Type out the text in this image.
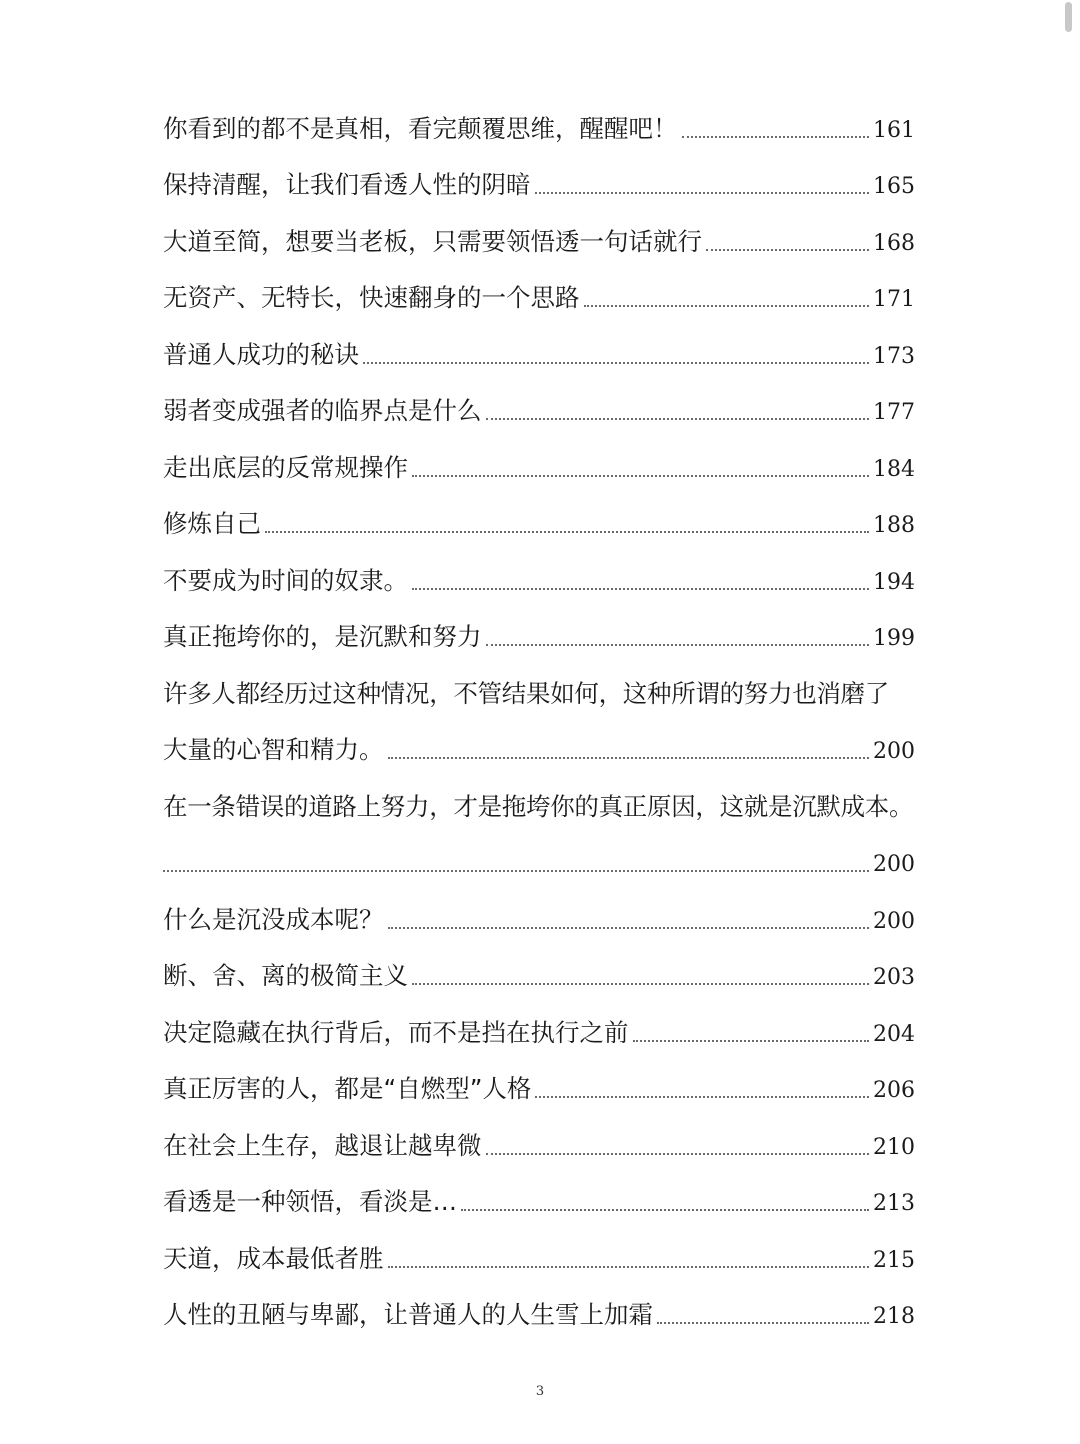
你看到的都不是真相，看完颠覆思维，醒醒吧！	161
保持清醒，让我们看透人性的阴暗	165
大道至简，想要当老板，只需要领悟透一句话就行	168
无资产、无特长，快速翻身的一个思路	171
普通人成功的秘诀	173
弱者变成强者的临界点是什么	177
走出底层的反常规操作	184
修炼自己	188
不要成为时间的奴隶。	194
真正拖垮你的，是沉默和努力	199
许多人都经历过这种情况，不管结果如何，这种所谓的努力也消磨了
大量的心智和精力。	200
在一条错误的道路上努力，才是拖垮你的真正原因，这就是沉默成本。
200
什么是沉没成本呢？	200
断、舍、离的极简主义	203
决定隐藏在执行背后，而不是挡在执行之前	204
真正厉害的人，都是“自燃型”人格	206
在社会上生存，越退让越卑微	210
看透是一种领悟，看淡是…	213
天道，成本最低者胜	215
人性的丑陋与卑鄙，让普通人的人生雪上加霜	218
3
